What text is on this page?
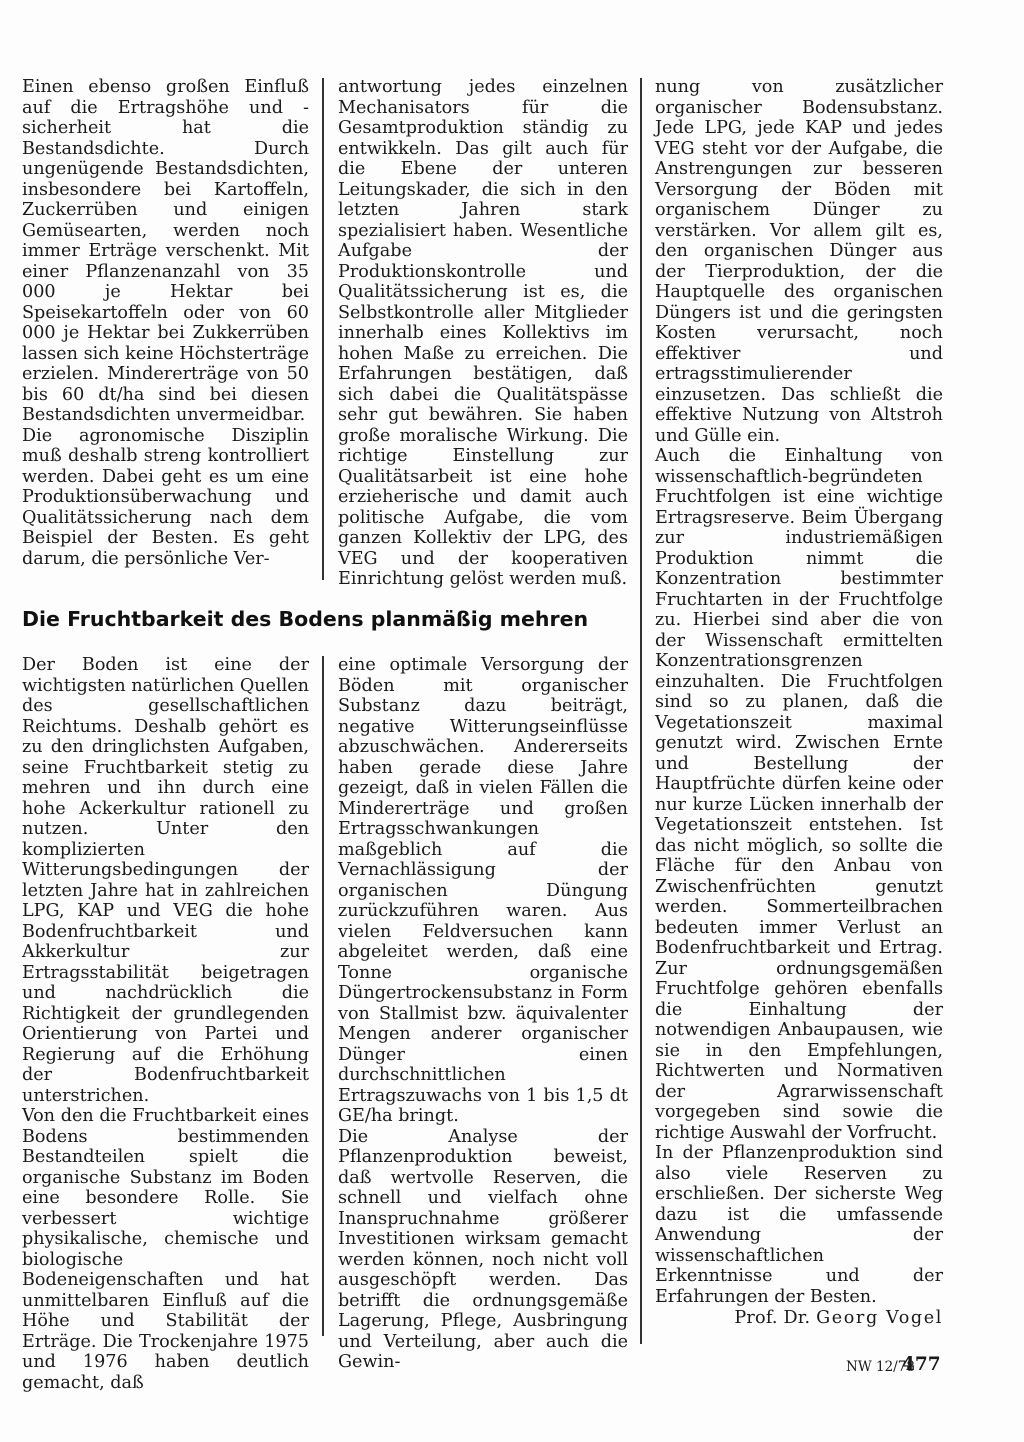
Einen ebenso großen Einfluß auf die Ertragshöhe und -sicherheit hat die Bestandsdichte. Durch ungenügende Bestandsdichten, insbesondere bei Kartoffeln, Zuckerrüben und einigen Gemüsearten, werden noch immer Erträge verschenkt. Mit einer Pflanzenanzahl von 35 000 je Hektar bei Speisekartoffeln oder von 60 000 je Hektar bei Zukkerrüben lassen sich keine Höchsterträge erzielen. Mindererträge von 50 bis 60 dt/ha sind bei diesen Bestandsdichten unvermeidbar.

Die agronomische Disziplin muß deshalb streng kontrolliert werden. Dabei geht es um eine Produktionsüberwachung und Qualitätssicherung nach dem Beispiel der Besten. Es geht darum, die persönliche Ver-

antwortung jedes einzelnen Mechanisators für die Gesamtproduktion ständig zu entwikkeln. Das gilt auch für die Ebene der unteren Leitungskader, die sich in den letzten Jahren stark spezialisiert haben. Wesentliche Aufgabe der Produktionskontrolle und Qualitätssicherung ist es, die Selbstkontrolle aller Mitglieder innerhalb eines Kollektivs im hohen Maße zu erreichen. Die Erfahrungen bestätigen, daß sich dabei die Qualitätspässe sehr gut bewähren. Sie haben große moralische Wirkung. Die richtige Einstellung zur Qualitätsarbeit ist eine hohe erzieherische und damit auch politische Aufgabe, die vom ganzen Kollektiv der LPG, des VEG und der kooperativen Einrichtung gelöst werden muß.

Die Fruchtbarkeit des Bodens planmäßig mehren

Der Boden ist eine der wichtigsten natürlichen Quellen des gesellschaftlichen Reichtums. Deshalb gehört es zu den dringlichsten Aufgaben, seine Fruchtbarkeit stetig zu mehren und ihn durch eine hohe Ackerkultur rationell zu nutzen. Unter den komplizierten Witterungsbedingungen der letzten Jahre hat in zahlreichen LPG, KAP und VEG die hohe Bodenfruchtbarkeit und Akkerkultur zur Ertragsstabilität beigetragen und nachdrücklich die Richtigkeit der grundlegenden Orientierung von Partei und Regierung auf die Erhöhung der Bodenfruchtbarkeit unterstrichen.

Von den die Fruchtbarkeit eines Bodens bestimmenden Bestandteilen spielt die organische Substanz im Boden eine besondere Rolle. Sie verbessert wichtige physikalische, chemische und biologische Bodeneigenschaften und hat unmittelbaren Einfluß auf die Höhe und Stabilität der Erträge. Die Trockenjahre 1975 und 1976 haben deutlich gemacht, daß

eine optimale Versorgung der Böden mit organischer Substanz dazu beiträgt, negative Witterungseinflüsse abzuschwächen. Andererseits haben gerade diese Jahre gezeigt, daß in vielen Fällen die Mindererträge und großen Ertragsschwankungen maßgeblich auf die Vernachlässigung der organischen Düngung zurückzuführen waren. Aus vielen Feldversuchen kann abgeleitet werden, daß eine Tonne organische Düngertrockensubstanz in Form von Stallmist bzw. äquivalenter Mengen anderer organischer Dünger einen durchschnittlichen Ertragszuwachs von 1 bis 1,5 dt GE/ha bringt.

Die Analyse der Pflanzenproduktion beweist, daß wertvolle Reserven, die schnell und vielfach ohne Inanspruchnahme größerer Investitionen wirksam gemacht werden können, noch nicht voll ausgeschöpft werden. Das betrifft die ordnungsgemäße Lagerung, Pflege, Ausbringung und Verteilung, aber auch die Gewin-

nung von zusätzlicher organischer Bodensubstanz. Jede LPG, jede KAP und jedes VEG steht vor der Aufgabe, die Anstrengungen zur besseren Versorgung der Böden mit organischem Dünger zu verstärken. Vor allem gilt es, den organischen Dünger aus der Tierproduktion, der die Hauptquelle des organischen Düngers ist und die geringsten Kosten verursacht, noch effektiver und ertragsstimulierender einzusetzen. Das schließt die effektive Nutzung von Altstroh und Gülle ein.

Auch die Einhaltung von wissenschaftlich-begründeten Fruchtfolgen ist eine wichtige Ertragsreserve. Beim Übergang zur industriemäßigen Produktion nimmt die Konzentration bestimmter Fruchtarten in der Fruchtfolge zu. Hierbei sind aber die von der Wissenschaft ermittelten Konzentrationsgrenzen einzuhalten. Die Fruchtfolgen sind so zu planen, daß die Vegetationszeit maximal genutzt wird. Zwischen Ernte und Bestellung der Hauptfrüchte dürfen keine oder nur kurze Lücken innerhalb der Vegetationszeit entstehen. Ist das nicht möglich, so sollte die Fläche für den Anbau von Zwischenfrüchten genutzt werden. Sommerteilbrachen bedeuten immer Verlust an Bodenfruchtbarkeit und Ertrag. Zur ordnungsgemäßen Fruchtfolge gehören ebenfalls die Einhaltung der notwendigen Anbaupausen, wie sie in den Empfehlungen, Richtwerten und Normativen der Agrarwissenschaft vorgegeben sind sowie die richtige Auswahl der Vorfrucht.

In der Pflanzenproduktion sind also viele Reserven zu erschließen. Der sicherste Weg dazu ist die umfassende Anwendung der wissenschaftlichen Erkenntnisse und der Erfahrungen der Besten.

Prof. Dr. Georg Vogel
NW 12/78
477
